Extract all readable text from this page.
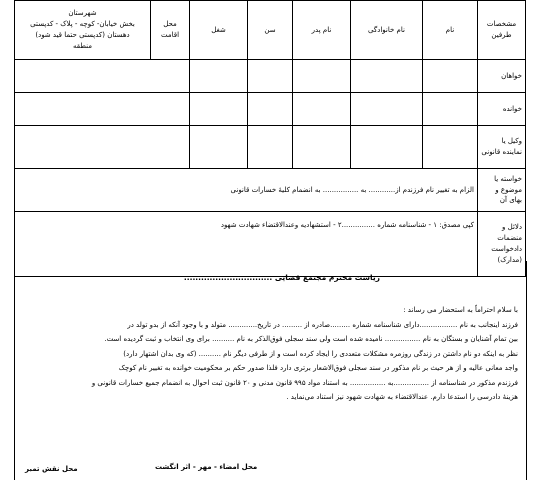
مشخصات طرفین	نام	نام خانوادگی	نام پدر	سن	شغل	محل اقامت	شهرستان
بخش خیابان- کوچه - پلاک - کدپستی
دهستان (کدپستی حتما قید شود)
منطقه

خواهان							
خوانده							
وکیل یا نماینده قانونی							
خواسته یا موضوع و بهای آن	الزام به تغییر نام فرزندم از............ به ................ به انضمام کلیهٔ خسارات قانونی						
دلائل و منضمات دادخواست (مدارک)	کپی مصدق: ۱ - شناسنامه شماره ...............۲ - استشهادیه وعندالاقتضاء شهادت شهود						
ریاست محترم مجتمع قضایی ...............................
با سلام احتراماً به استحضار می رساند :
فرزند اینجانب به نام .................دارای شناسنامه شماره .........صادره از ......... در تاریخ............. متولد و با وجود آنکه از بدو تولد در
بین تمام آشنایان و بستگان به نام ................ نامیده شده است ولی سند سجلی فوق‌الذکر به نام .......... برای وی انتخاب و ثبت گردیده است.
نظر به اینکه دو نام داشتن در زندگی روزمره مشکلات متعددی را ایجاد کرده است و از طرفی دیگر نام .......... (که وی بدان اشتهار دارد)
واجد معانی عالیه و از هر حیث بر نام مذکور در سند سجلی فوق‌الاشعار برتری دارد فلذا صدور حکم بر محکومیت خوانده به تغییر نام کوچک
فرزندم مذکور در شناسنامه از ................به ................ به استناد مواد ۹۹۵ قانون مدنی و ۲۰ قانون ثبت احوال به انضمام جمیع خسارات قانونی و
هزینهٔ دادرسی را استدعا دارم. عندالاقتضاء به شهادت شهود نیز استناد می‌نماید .
محل امضاء - مهر - اثر انگشت
محل نقش تمبر
